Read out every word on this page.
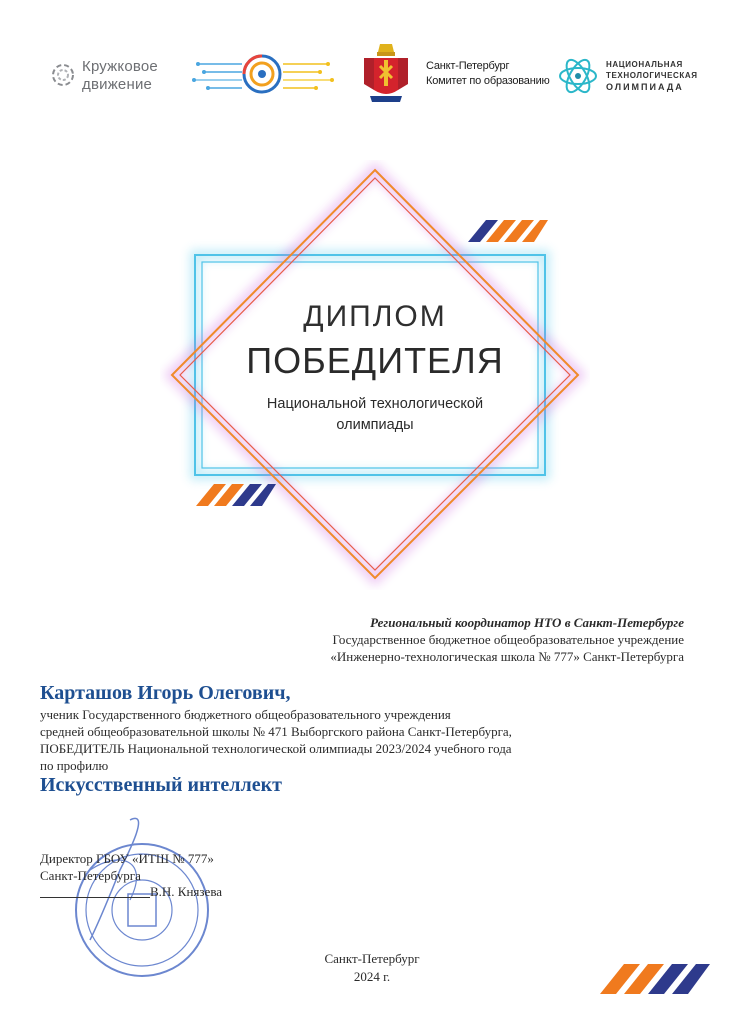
Кружковое
движение
Санкт-Петербург
Комитет по образованию
НАЦИОНАЛЬНАЯ
ТЕХНОЛОГИЧЕСКАЯ
ОЛИМПИАДА
ДИПЛОМ
ПОБЕДИТЕЛЯ
Национальной технологической
олимпиады
Региональный координатор НТО в Санкт-Петербурге
Государственное бюджетное общеобразовательное учреждение
«Инженерно-технологическая школа № 777» Санкт-Петербурга
Карташов Игорь Олегович,
ученик Государственного бюджетного общеобразовательного учреждения
средней общеобразовательной школы № 471 Выборгского района Санкт-Петербурга,
ПОБЕДИТЕЛЬ Национальной технологической олимпиады 2023/2024 учебного года
по профилю
Искусственный интеллект
Директор ГБОУ «ИТШ № 777»
Санкт-Петербурга
В.Н. Князева
Санкт-Петербург
2024 г.
